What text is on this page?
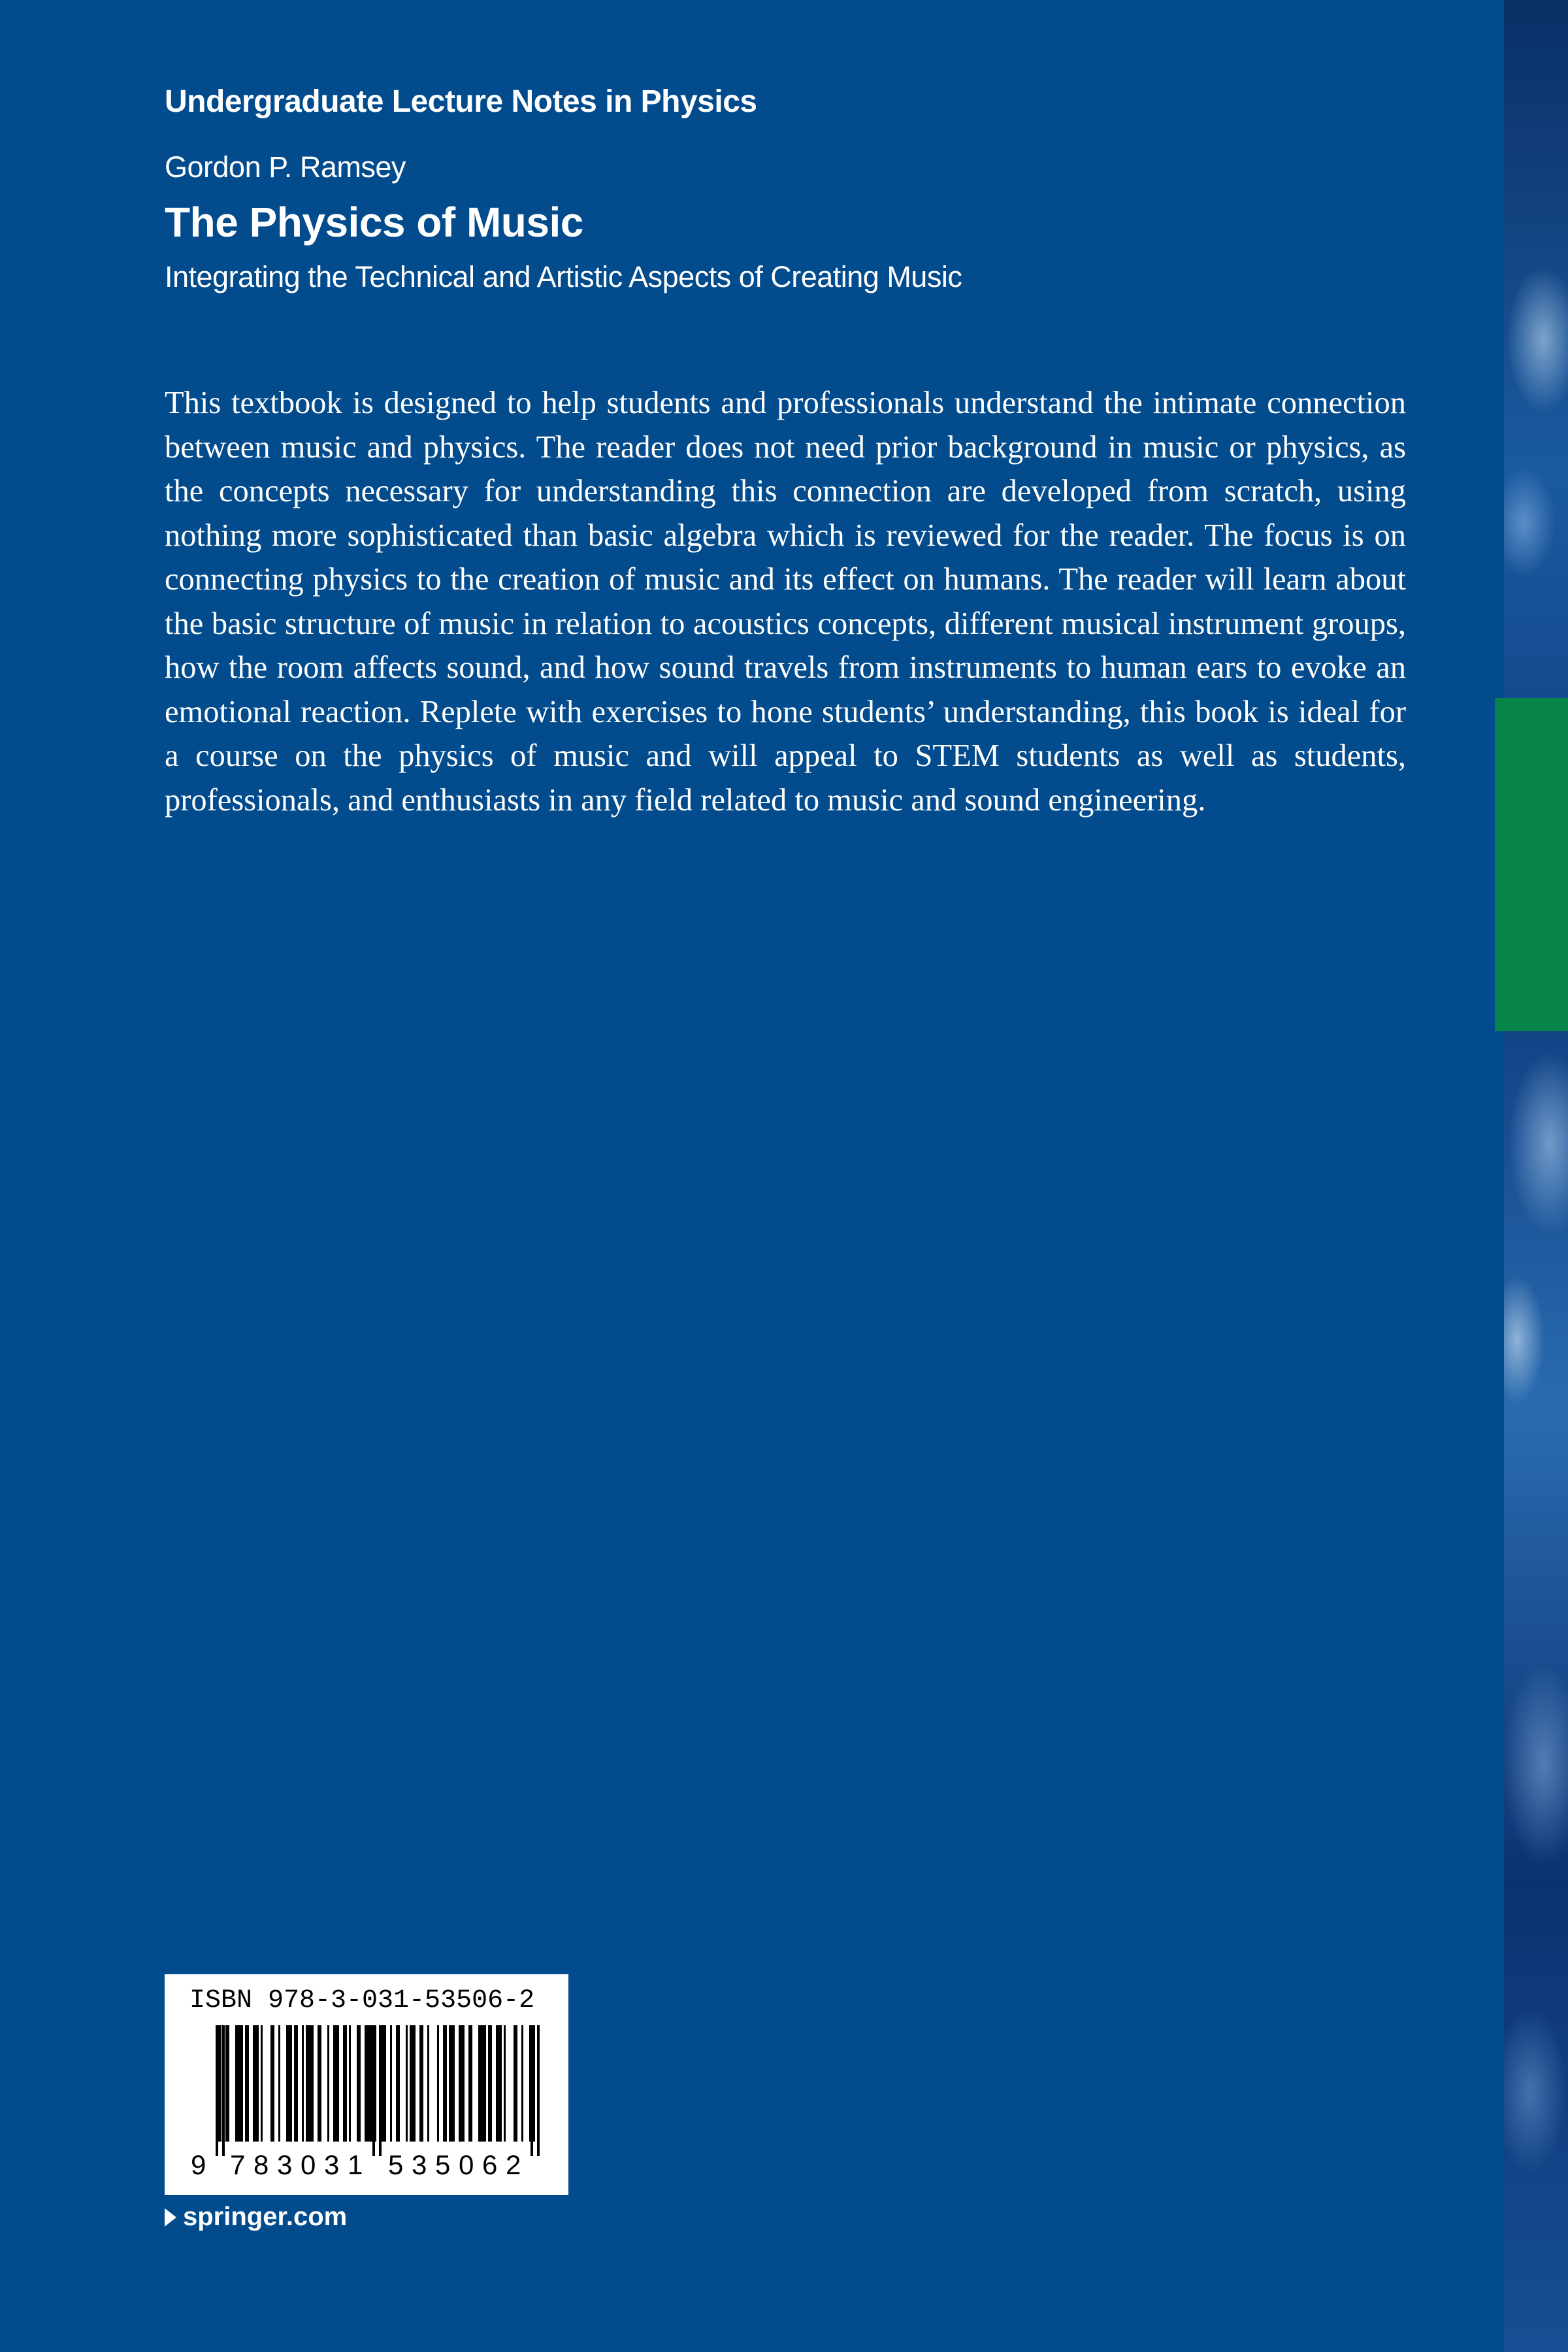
Undergraduate Lecture Notes in Physics
Gordon P. Ramsey
The Physics of Music
Integrating the Technical and Artistic Aspects of Creating Music

This textbook is designed to help students and professionals understand the intimate connection between music and physics. The reader does not need prior background in music or physics, as the concepts necessary for understanding this connection are developed from scratch, using nothing more sophisticated than basic algebra which is reviewed for the reader. The focus is on connecting physics to the creation of music and its effect on humans. The reader will learn about the basic structure of music in relation to acoustics concepts, different musical instrument groups, how the room affects sound, and how sound travels from instruments to human ears to evoke an emotional reaction. Replete with exercises to hone students’ understanding, this book is ideal for a course on the physics of music and will appeal to STEM students as well as students, professionals, and enthusiasts in any field related to music and sound engineering.

ISBN 978-3-031-53506-2
9 7 8 3 0 3 1 5 3 5 0 6 2
springer.com
